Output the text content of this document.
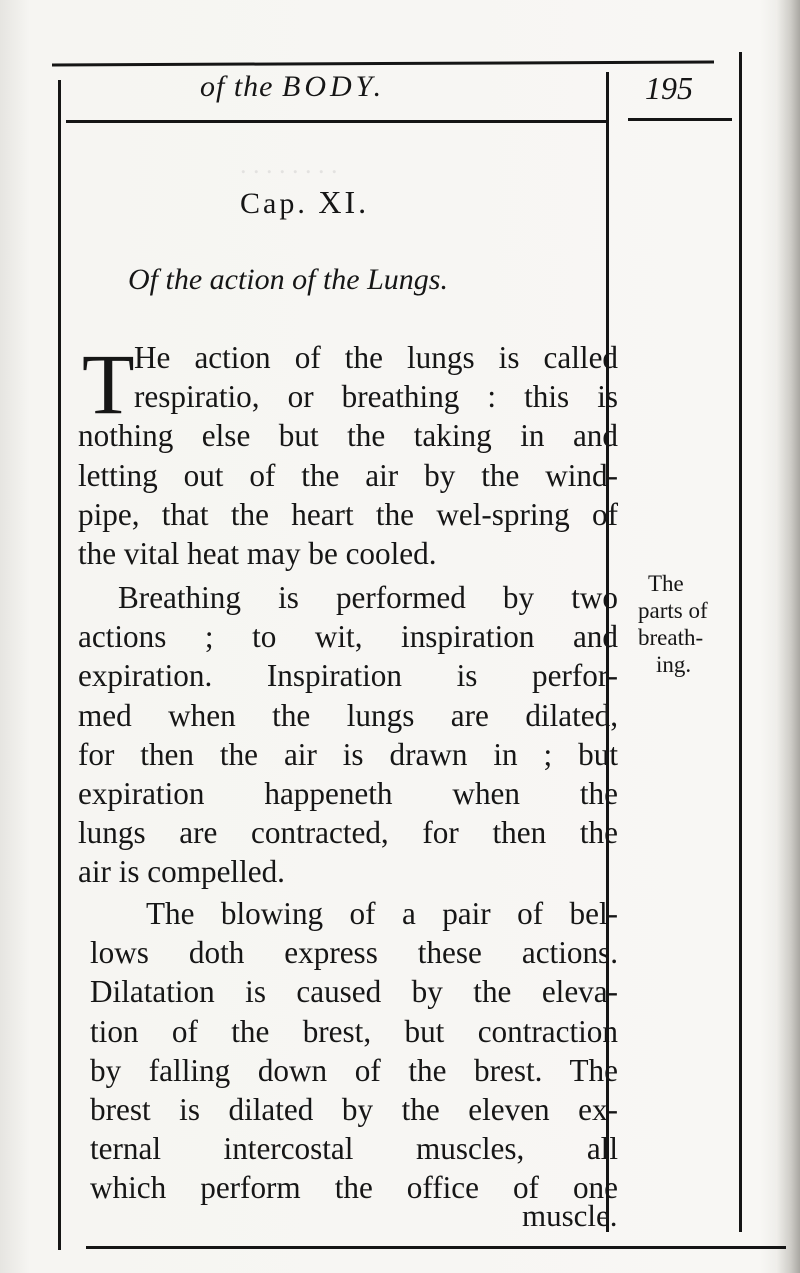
. . . . . . . .
of the BODY.	195
Cap. XI.
Of the action of the Lungs.
T He action of the lungs is called
respiratio, or breathing : this is
nothing else but the taking in and
letting out of the air by the wind-
pipe, that the heart the wel-spring of
the vital heat may be cooled.
Breathing is performed by two
actions ; to wit, inspiration and
expiration. Inspiration is perfor-
med when the lungs are dilated,
for then the air is drawn in ; but
expiration happeneth when the
lungs are contracted, for then the
air is compelled.
The blowing of a pair of bel-
lows doth express these actions.
Dilatation is caused by the eleva-
tion of the brest, but contraction
by falling down of the brest. The
brest is dilated by the eleven ex-
ternal intercostal muscles, all
which perform the office of one
muscle.
The
parts of
breath-
ing.
